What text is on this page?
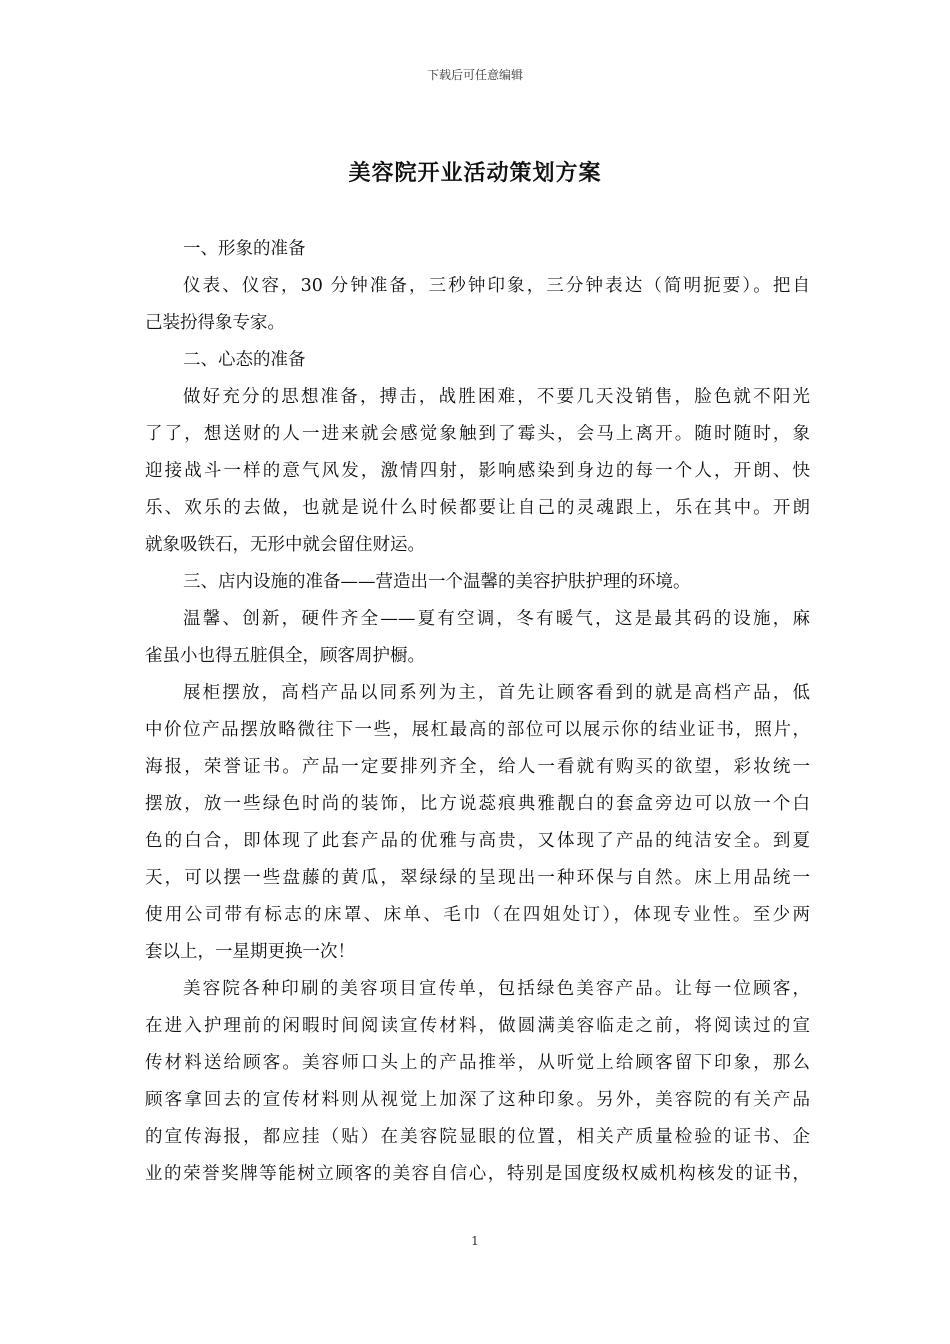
下载后可任意编辑
美容院开业活动策划方案
一、形象的准备
仪表、仪容，30 分钟准备，三秒钟印象，三分钟表达（简明扼要）。把自
己装扮得象专家。
二、心态的准备
做好充分的思想准备，搏击，战胜困难，不要几天没销售，脸色就不阳光
了了，想送财的人一进来就会感觉象触到了霉头，会马上离开。随时随时，象
迎接战斗一样的意气风发，激情四射，影响感染到身边的每一个人，开朗、快
乐、欢乐的去做，也就是说什么时候都要让自己的灵魂跟上，乐在其中。开朗
就象吸铁石，无形中就会留住财运。
三、店内设施的准备——营造出一个温馨的美容护肤护理的环境。
温馨、创新，硬件齐全——夏有空调，冬有暖气，这是最其码的设施，麻
雀虽小也得五脏俱全，顾客周护橱。
展柜摆放，高档产品以同系列为主，首先让顾客看到的就是高档产品，低
中价位产品摆放略微往下一些，展杠最高的部位可以展示你的结业证书，照片，
海报，荣誉证书。产品一定要排列齐全，给人一看就有购买的欲望，彩妆统一
摆放，放一些绿色时尚的装饰，比方说蕊痕典雅靓白的套盒旁边可以放一个白
色的白合，即体现了此套产品的优雅与高贵，又体现了产品的纯洁安全。到夏
天，可以摆一些盘藤的黄瓜，翠绿绿的呈现出一种环保与自然。床上用品统一
使用公司带有标志的床罩、床单、毛巾（在四姐处订），体现专业性。至少两
套以上，一星期更换一次！
美容院各种印刷的美容项目宣传单，包括绿色美容产品。让每一位顾客，
在进入护理前的闲暇时间阅读宣传材料，做圆满美容临走之前，将阅读过的宣
传材料送给顾客。美容师口头上的产品推举，从听觉上给顾客留下印象，那么
顾客拿回去的宣传材料则从视觉上加深了这种印象。另外，美容院的有关产品
的宣传海报，都应挂（贴）在美容院显眼的位置，相关产质量检验的证书、企
业的荣誉奖牌等能树立顾客的美容自信心，特别是国度级权威机构核发的证书，
1
